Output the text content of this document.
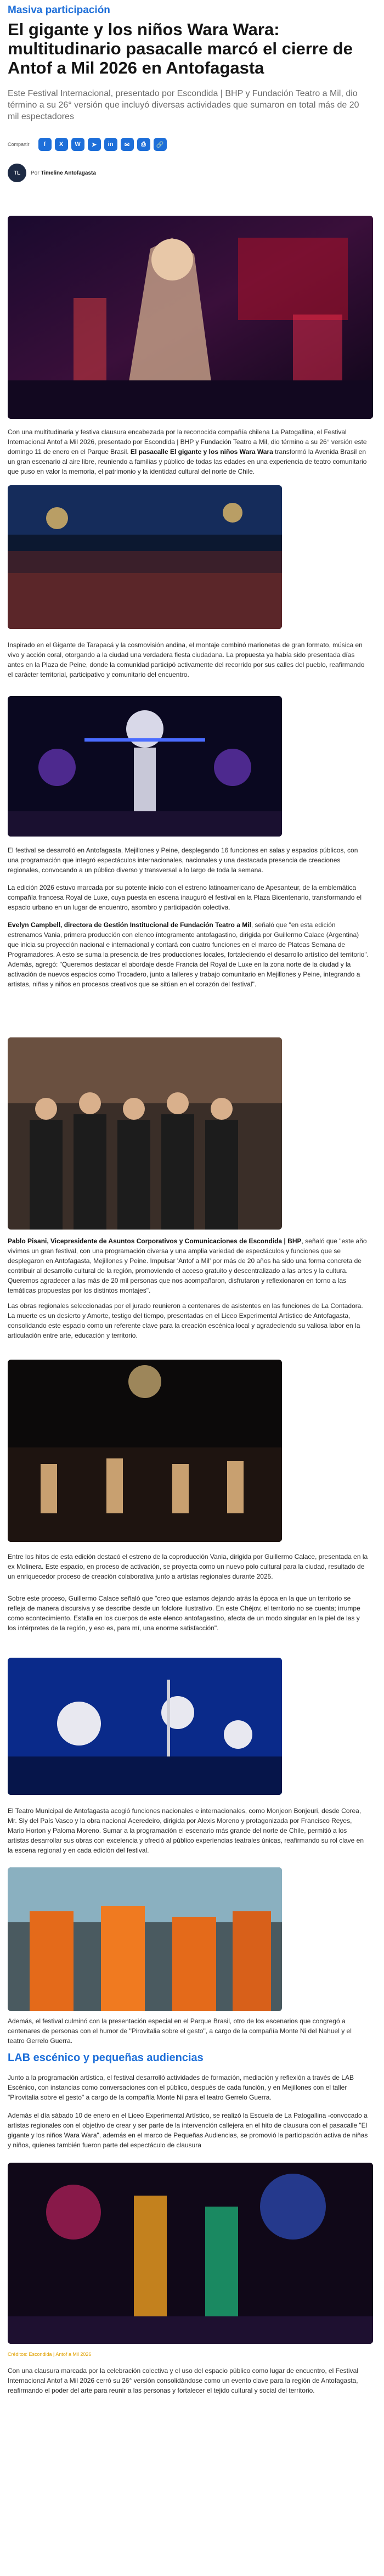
Masiva participación
El gigante y los niños Wara Wara: multitudinario pasacalle marcó el cierre de Antof a Mil 2026 en Antofagasta

Este Festival Internacional, presentado por Escondida | BHP y Fundación Teatro a Mil, dio término a su 26° versión que incluyó diversas actividades que sumaron en total más de 20 mil espectadores

Compartir	f	X	W	➤	in	✉	⎙	🔗
TL	Por Timeline Antofagasta

Con una multitudinaria y festiva clausura encabezada por la reconocida compañía chilena La Patogallina, el Festival Internacional Antof a Mil 2026, presentado por Escondida | BHP y Fundación Teatro a Mil, dio término a su 26° versión este domingo 11 de enero en el Parque Brasil. El pasacalle El gigante y los niños Wara Wara transformó la Avenida Brasil en un gran escenario al aire libre, reuniendo a familias y público de todas las edades en una experiencia de teatro comunitario que puso en valor la memoria, el patrimonio y la identidad cultural del norte de Chile.

Inspirado en el Gigante de Tarapacá y la cosmovisión andina, el montaje combinó marionetas de gran formato, música en vivo y acción coral, otorgando a la ciudad una verdadera fiesta ciudadana. La propuesta ya había sido presentada días antes en la Plaza de Peine, donde la comunidad participó activamente del recorrido por sus calles del pueblo, reafirmando el carácter territorial, participativo y comunitario del encuentro.

El festival se desarrolló en Antofagasta, Mejillones y Peine, desplegando 16 funciones en salas y espacios públicos, con una programación que integró espectáculos internacionales, nacionales y una destacada presencia de creaciones regionales, convocando a un público diverso y transversal a lo largo de toda la semana.

La edición 2026 estuvo marcada por su potente inicio con el estreno latinoamericano de Apesanteur, de la emblemática compañía francesa Royal de Luxe, cuya puesta en escena inauguró el festival en la Plaza Bicentenario, transformando el espacio urbano en un lugar de encuentro, asombro y participación colectiva.

Evelyn Campbell, directora de Gestión Institucional de Fundación Teatro a Mil, señaló que "en esta edición estrenamos Vania, primera producción con elenco íntegramente antofagastino, dirigida por Guillermo Calace (Argentina) que inicia su proyección nacional e internacional y contará con cuatro funciones en el marco de Plateas Semana de Programadores. A esto se suma la presencia de tres producciones locales, fortaleciendo el desarrollo artístico del territorio". Además, agregó: "Queremos destacar el abordaje desde Francia del Royal de Luxe en la zona norte de la ciudad y la activación de nuevos espacios como Trocadero, junto a talleres y trabajo comunitario en Mejillones y Peine, integrando a artistas, niñas y niños en procesos creativos que se sitúan en el corazón del festival".

Pablo Pisani, Vicepresidente de Asuntos Corporativos y Comunicaciones de Escondida | BHP, señaló que "este año vivimos un gran festival, con una programación diversa y una amplia variedad de espectáculos y funciones que se desplegaron en Antofagasta, Mejillones y Peine. Impulsar 'Antof a Mil' por más de 20 años ha sido una forma concreta de contribuir al desarrollo cultural de la región, promoviendo el acceso gratuito y descentralizado a las artes y la cultura. Queremos agradecer a las más de 20 mil personas que nos acompañaron, disfrutaron y reflexionaron en torno a las temáticas propuestas por los distintos montajes".

Las obras regionales seleccionadas por el jurado reunieron a centenares de asistentes en las funciones de La Contadora. La muerte es un desierto y Amorte, testigo del tiempo, presentadas en el Liceo Experimental Artístico de Antofagasta, consolidando este espacio como un referente clave para la creación escénica local y agradeciendo su valiosa labor en la articulación entre arte, educación y territorio.

Entre los hitos de esta edición destacó el estreno de la coproducción Vania, dirigida por Guillermo Calace, presentada en la ex Molinera. Este espacio, en proceso de activación, se proyecta como un nuevo polo cultural para la ciudad, resultado de un enriquecedor proceso de creación colaborativa junto a artistas regionales durante 2025.

Sobre este proceso, Guillermo Calace señaló que "creo que estamos dejando atrás la época en la que un territorio se refleja de manera discursiva y se describe desde un folclore ilustrativo. En este Chéjov, el territorio no se cuenta; irrumpe como acontecimiento. Estalla en los cuerpos de este elenco antofagastino, afecta de un modo singular en la piel de las y los intérpretes de la región, y eso es, para mí, una enorme satisfacción".

El Teatro Municipal de Antofagasta acogió funciones nacionales e internacionales, como Monjeon Bonjeuri, desde Corea, Mr. Sly del País Vasco y la obra nacional Aceredeiro, dirigida por Alexis Moreno y protagonizada por Francisco Reyes, Mario Horton y Paloma Moreno. Sumar a la programación el escenario más grande del norte de Chile, permitió a los artistas desarrollar sus obras con excelencia y ofreció al público experiencias teatrales únicas, reafirmando su rol clave en la escena regional y en cada edición del festival.

Además, el festival culminó con la presentación especial en el Parque Brasil, otro de los escenarios que congregó a centenares de personas con el humor de "Pirovitalia sobre el gesto", a cargo de la compañía Monte Ni del Nahuel y el teatro Gerrelo Guerra.

LAB escénico y pequeñas audiencias

Junto a la programación artística, el festival desarrolló actividades de formación, mediación y reflexión a través de LAB Escénico, con instancias como conversaciones con el público, después de cada función, y en Mejillones con el taller "Pirovitalia sobre el gesto" a cargo de la compañía Monte Ni para el teatro Gerrelo Guerra.

Además el día sábado 10 de enero en el Liceo Experimental Artístico, se realizó la Escuela de La Patogallina -convocado a artistas regionales con el objetivo de crear y ser parte de la intervención callejera en el hito de clausura con el pasacalle "El gigante y los niños Wara Wara", además en el marco de Pequeñas Audiencias, se promovió la participación activa de niñas y niños, quienes también fueron parte del espectáculo de clausura

Créditos: Escondida | Antof a Mil 2026

Con una clausura marcada por la celebración colectiva y el uso del espacio público como lugar de encuentro, el Festival Internacional Antof a Mil 2026 cerró su 26° versión consolidándose como un evento clave para la región de Antofagasta, reafirmando el poder del arte para reunir a las personas y fortalecer el tejido cultural y social del territorio.
